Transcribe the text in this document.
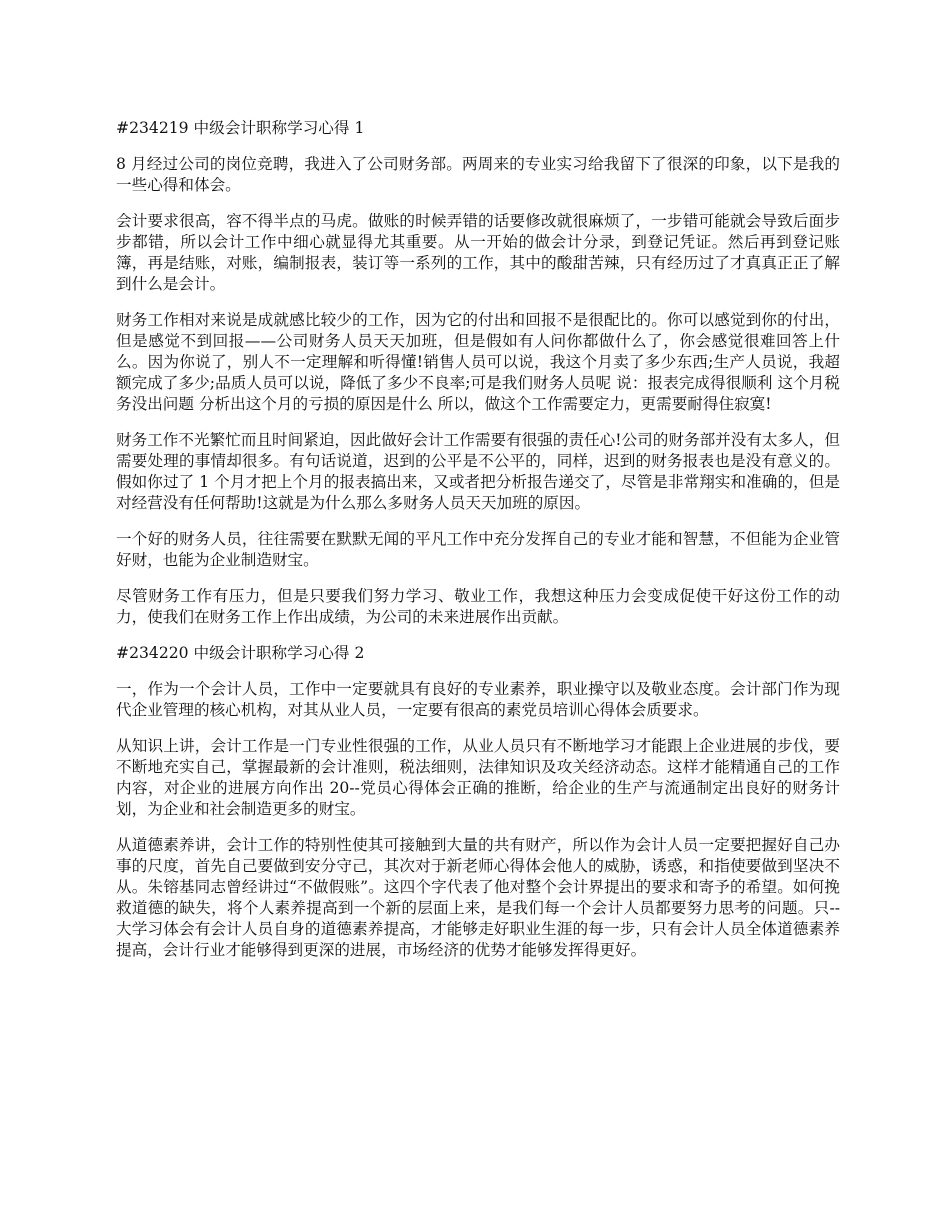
#234219 中级会计职称学习心得 1

8 月经过公司的岗位竞聘，我进入了公司财务部。两周来的专业实习给我留下了很深的印象，以下是我的一些心得和体会。

会计要求很高，容不得半点的马虎。做账的时候弄错的话要修改就很麻烦了，一步错可能就会导致后面步步都错，所以会计工作中细心就显得尤其重要。从一开始的做会计分录，到登记凭证。然后再到登记账簿，再是结账，对账，编制报表，装订等一系列的工作，其中的酸甜苦辣，只有经历过了才真真正正了解到什么是会计。

财务工作相对来说是成就感比较少的工作，因为它的付出和回报不是很配比的。你可以感觉到你的付出，但是感觉不到回报——公司财务人员天天加班，但是假如有人问你都做什么了，你会感觉很难回答上什么。因为你说了，别人不一定理解和听得懂!销售人员可以说，我这个月卖了多少东西;生产人员说，我超额完成了多少;品质人员可以说，降低了多少不良率;可是我们财务人员呢 说：报表完成得很顺利 这个月税务没出问题 分析出这个月的亏损的原因是什么 所以，做这个工作需要定力，更需要耐得住寂寞!

财务工作不光繁忙而且时间紧迫，因此做好会计工作需要有很强的责任心!公司的财务部并没有太多人，但需要处理的事情却很多。有句话说道，迟到的公平是不公平的，同样，迟到的财务报表也是没有意义的。假如你过了 1 个月才把上个月的报表搞出来，又或者把分析报告递交了，尽管是非常翔实和准确的，但是对经营没有任何帮助!这就是为什么那么多财务人员天天加班的原因。

一个好的财务人员，往往需要在默默无闻的平凡工作中充分发挥自己的专业才能和智慧，不但能为企业管好财，也能为企业制造财宝。

尽管财务工作有压力，但是只要我们努力学习、敬业工作，我想这种压力会变成促使干好这份工作的动力，使我们在财务工作上作出成绩，为公司的未来进展作出贡献。

#234220 中级会计职称学习心得 2

一，作为一个会计人员，工作中一定要就具有良好的专业素养，职业操守以及敬业态度。会计部门作为现代企业管理的核心机构，对其从业人员，一定要有很高的素党员培训心得体会质要求。

从知识上讲，会计工作是一门专业性很强的工作，从业人员只有不断地学习才能跟上企业进展的步伐，要不断地充实自己，掌握最新的会计准则，税法细则，法律知识及攻关经济动态。这样才能精通自己的工作内容，对企业的进展方向作出 20--党员心得体会正确的推断，给企业的生产与流通制定出良好的财务计划，为企业和社会制造更多的财宝。

从道德素养讲，会计工作的特别性使其可接触到大量的共有财产，所以作为会计人员一定要把握好自己办事的尺度，首先自己要做到安分守己，其次对于新老师心得体会他人的威胁，诱惑，和指使要做到坚决不从。朱镕基同志曾经讲过“不做假账”。这四个字代表了他对整个会计界提出的要求和寄予的希望。如何挽救道德的缺失，将个人素养提高到一个新的层面上来，是我们每一个会计人员都要努力思考的问题。只--大学习体会有会计人员自身的道德素养提高，才能够走好职业生涯的每一步，只有会计人员全体道德素养提高，会计行业才能够得到更深的进展，市场经济的优势才能够发挥得更好。
